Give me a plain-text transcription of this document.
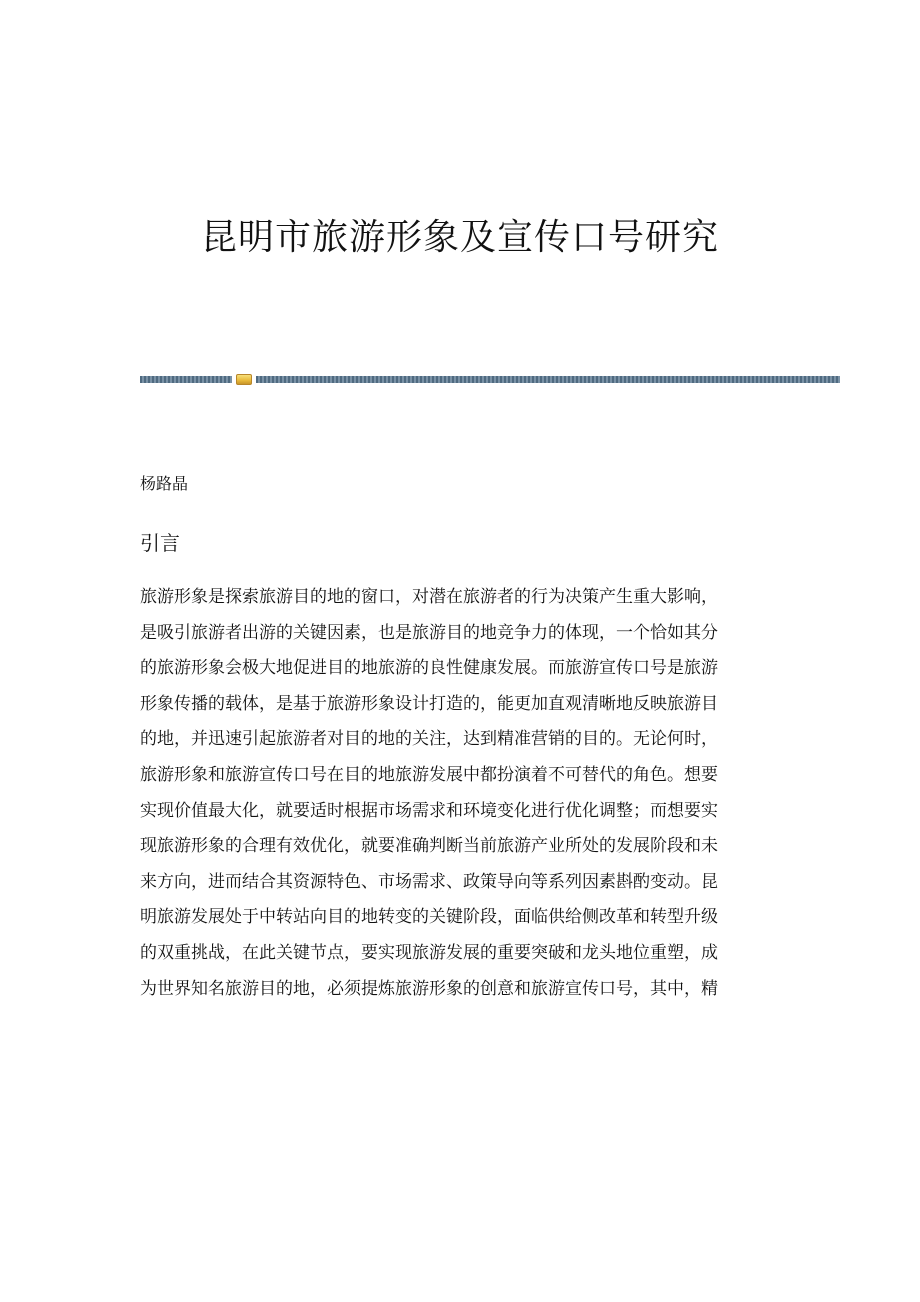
昆明市旅游形象及宣传口号研究

杨路晶

引言
旅游形象是探索旅游目的地的窗口，对潜在旅游者的行为决策产生重大影响，
是吸引旅游者出游的关键因素，也是旅游目的地竞争力的体现，一个恰如其分
的旅游形象会极大地促进目的地旅游的良性健康发展。而旅游宣传口号是旅游
形象传播的载体，是基于旅游形象设计打造的，能更加直观清晰地反映旅游目
的地，并迅速引起旅游者对目的地的关注，达到精准营销的目的。无论何时，
旅游形象和旅游宣传口号在目的地旅游发展中都扮演着不可替代的角色。想要
实现价值最大化，就要适时根据市场需求和环境变化进行优化调整；而想要实
现旅游形象的合理有效优化，就要准确判断当前旅游产业所处的发展阶段和未
来方向，进而结合其资源特色、市场需求、政策导向等系列因素斟酌变动。昆
明旅游发展处于中转站向目的地转变的关键阶段，面临供给侧改革和转型升级
的双重挑战，在此关键节点，要实现旅游发展的重要突破和龙头地位重塑，成
为世界知名旅游目的地，必须提炼旅游形象的创意和旅游宣传口号，其中，精
